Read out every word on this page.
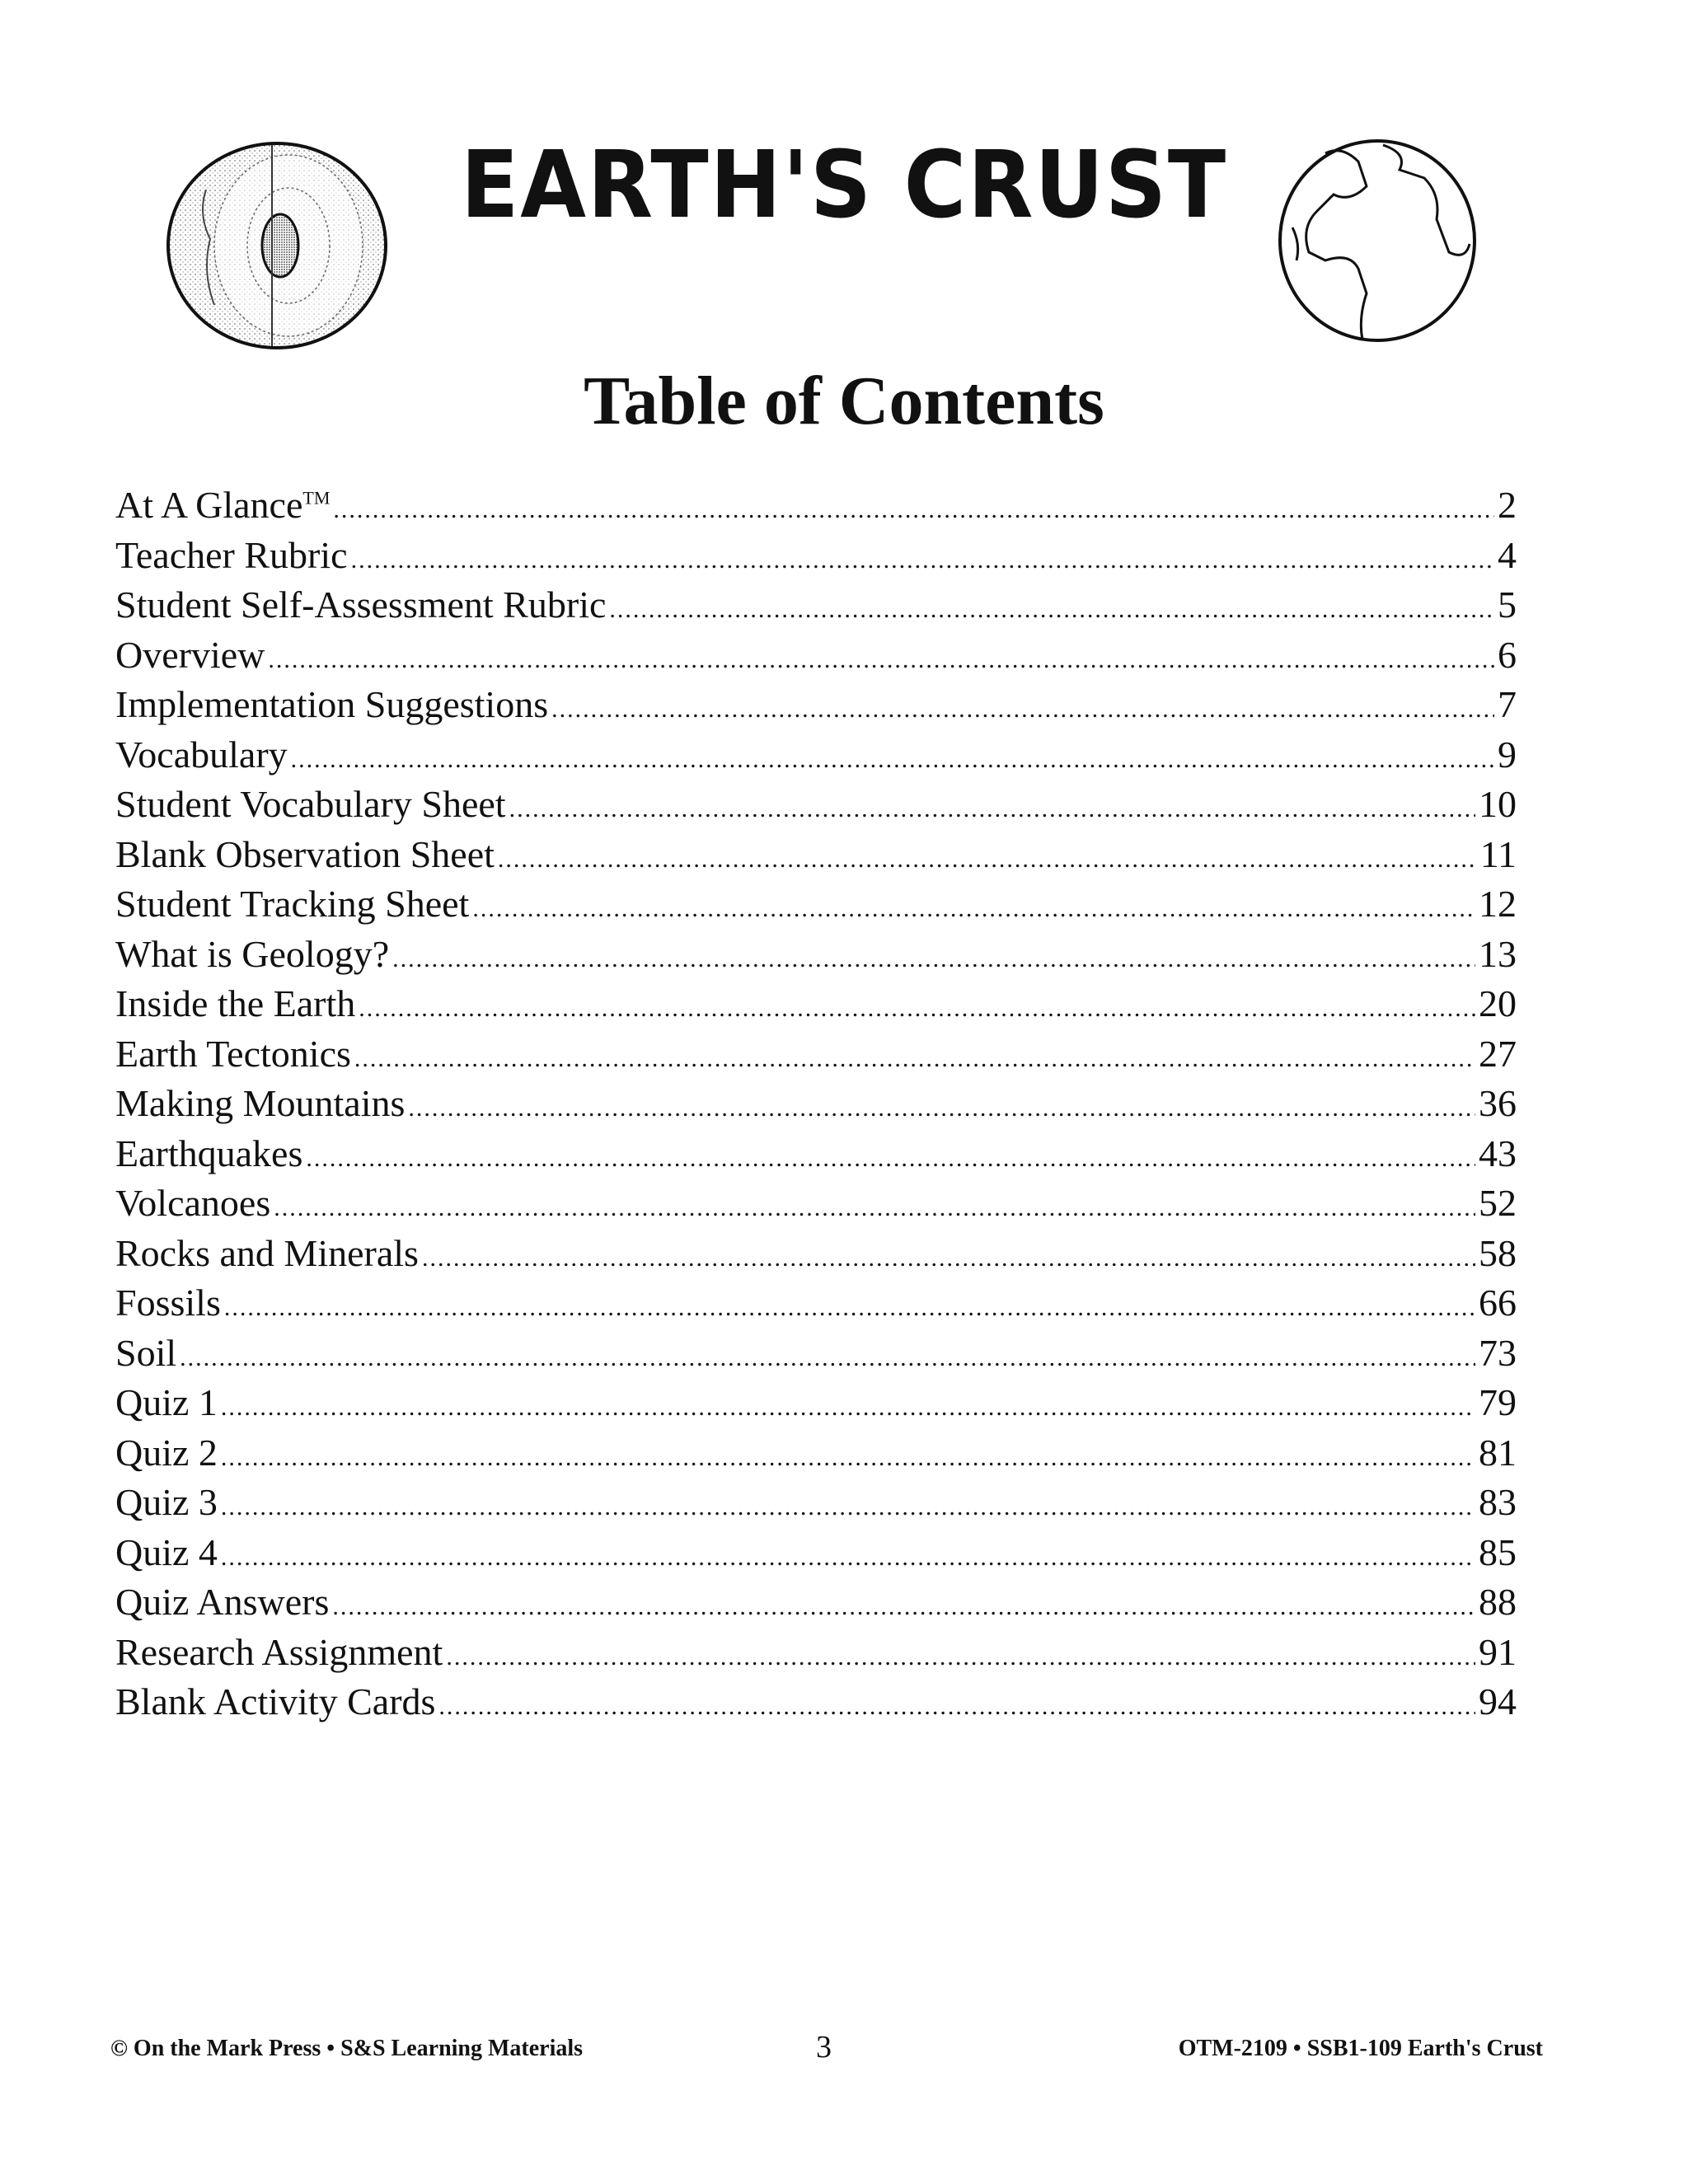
EARTH'S CRUST
Table of Contents
At A Glance™ .....	2
Teacher Rubric .....	4
Student Self-Assessment Rubric .....	5
Overview .....	6
Implementation Suggestions .....	7
Vocabulary .....	9
Student Vocabulary Sheet .....	10
Blank Observation Sheet .....	11
Student Tracking Sheet .....	12
What is Geology? .....	13
Inside the Earth .....	20
Earth Tectonics .....	27
Making Mountains .....	36
Earthquakes .....	43
Volcanoes .....	52
Rocks and Minerals .....	58
Fossils .....	66
Soil .....	73
Quiz 1 .....	79
Quiz 2 .....	81
Quiz 3 .....	83
Quiz 4 .....	85
Quiz Answers .....	88
Research Assignment .....	91
Blank Activity Cards .....	94
© On the Mark Press • S&S Learning Materials	3	OTM-2109 • SSB1-109 Earth's Crust
